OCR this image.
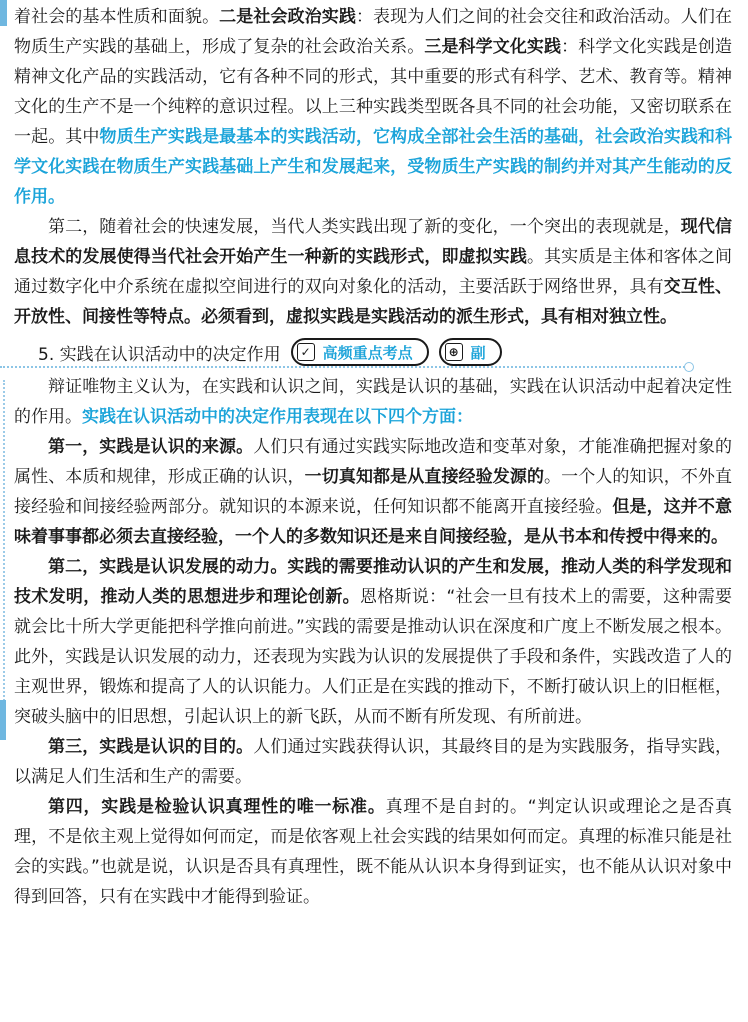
着社会的基本性质和面貌。二是社会政治实践：表现为人们之间的社会交往和政治活动。人们在物质生产实践的基础上，形成了复杂的社会政治关系。三是科学文化实践：科学文化实践是创造精神文化产品的实践活动，它有各种不同的形式，其中重要的形式有科学、艺术、教育等。精神文化的生产不是一个纯粹的意识过程。以上三种实践类型既各具不同的社会功能，又密切联系在一起。其中物质生产实践是最基本的实践活动，它构成全部社会生活的基础，社会政治实践和科学文化实践在物质生产实践基础上产生和发展起来，受物质生产实践的制约并对其产生能动的反作用。

第二，随着社会的快速发展，当代人类实践出现了新的变化，一个突出的表现就是，现代信息技术的发展使得当代社会开始产生一种新的实践形式，即虚拟实践。其实质是主体和客体之间通过数字化中介系统在虚拟空间进行的双向对象化的活动，主要活跃于网络世界，具有交互性、开放性、间接性等特点。必须看到，虚拟实践是实践活动的派生形式，具有相对独立性。

5. 实践在认识活动中的决定作用	✓ 高频重点考点	⊕ 副

辩证唯物主义认为，在实践和认识之间，实践是认识的基础，实践在认识活动中起着决定性的作用。实践在认识活动中的决定作用表现在以下四个方面：

第一，实践是认识的来源。人们只有通过实践实际地改造和变革对象，才能准确把握对象的属性、本质和规律，形成正确的认识，一切真知都是从直接经验发源的。一个人的知识，不外直接经验和间接经验两部分。就知识的本源来说，任何知识都不能离开直接经验。但是，这并不意味着事事都必须去直接经验，一个人的多数知识还是来自间接经验，是从书本和传授中得来的。

第二，实践是认识发展的动力。实践的需要推动认识的产生和发展，推动人类的科学发现和技术发明，推动人类的思想进步和理论创新。恩格斯说：“社会一旦有技术上的需要，这种需要就会比十所大学更能把科学推向前进。”实践的需要是推动认识在深度和广度上不断发展之根本。此外，实践是认识发展的动力，还表现为实践为认识的发展提供了手段和条件，实践改造了人的主观世界，锻炼和提高了人的认识能力。人们正是在实践的推动下，不断打破认识上的旧框框，突破头脑中的旧思想，引起认识上的新飞跃，从而不断有所发现、有所前进。

第三，实践是认识的目的。人们通过实践获得认识，其最终目的是为实践服务，指导实践，以满足人们生活和生产的需要。

第四，实践是检验认识真理性的唯一标准。真理不是自封的。“判定认识或理论之是否真理，不是依主观上觉得如何而定，而是依客观上社会实践的结果如何而定。真理的标准只能是社会的实践。”也就是说，认识是否具有真理性，既不能从认识本身得到证实，也不能从认识对象中得到回答，只有在实践中才能得到验证。
